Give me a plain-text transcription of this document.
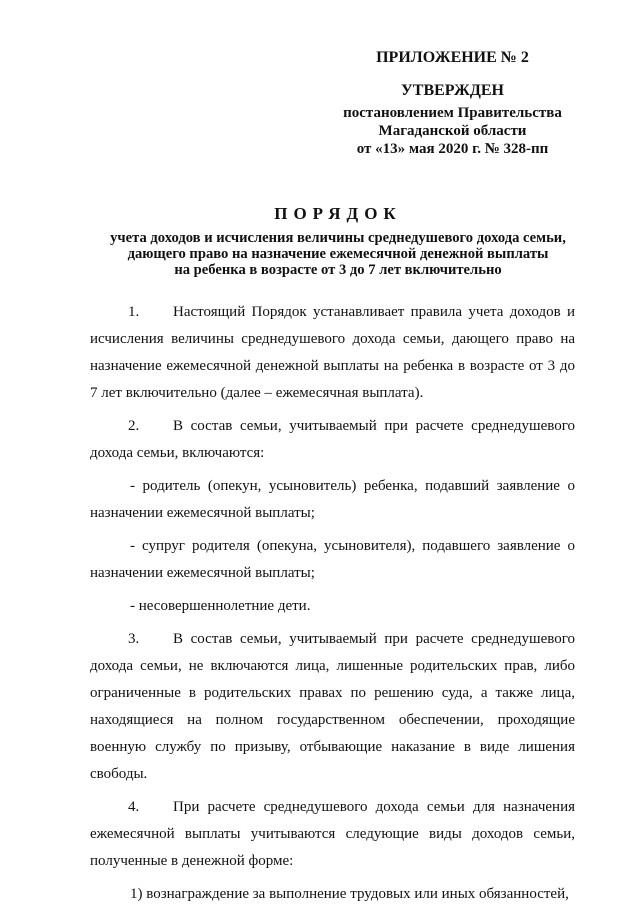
ПРИЛОЖЕНИЕ № 2
УТВЕРЖДЕН
постановлением Правительства
Магаданской области
от «13» мая 2020 г. № 328-пп
ПОРЯДОК
учета доходов и исчисления величины среднедушевого дохода семьи,
дающего право на назначение ежемесячной денежной выплаты
на ребенка в возрасте от 3 до 7 лет включительно

1. Настоящий Порядок устанавливает правила учета доходов и исчисления величины среднедушевого дохода семьи, дающего право на назначение ежемесячной денежной выплаты на ребенка в возрасте от 3 до 7 лет включительно (далее – ежемесячная выплата).

2. В состав семьи, учитываемый при расчете среднедушевого дохода семьи, включаются:

- родитель (опекун, усыновитель) ребенка, подавший заявление о назначении ежемесячной выплаты;

- супруг родителя (опекуна, усыновителя), подавшего заявление о назначении ежемесячной выплаты;

- несовершеннолетние дети.

3. В состав семьи, учитываемый при расчете среднедушевого дохода семьи, не включаются лица, лишенные родительских прав, либо ограниченные в родительских правах по решению суда, а также лица, находящиеся на полном государственном обеспечении, проходящие военную службу по призыву, отбывающие наказание в виде лишения свободы.

4. При расчете среднедушевого дохода семьи для назначения ежемесячной выплаты учитываются следующие виды доходов семьи, полученные в денежной форме:

1) вознаграждение за выполнение трудовых или иных обязанностей,
